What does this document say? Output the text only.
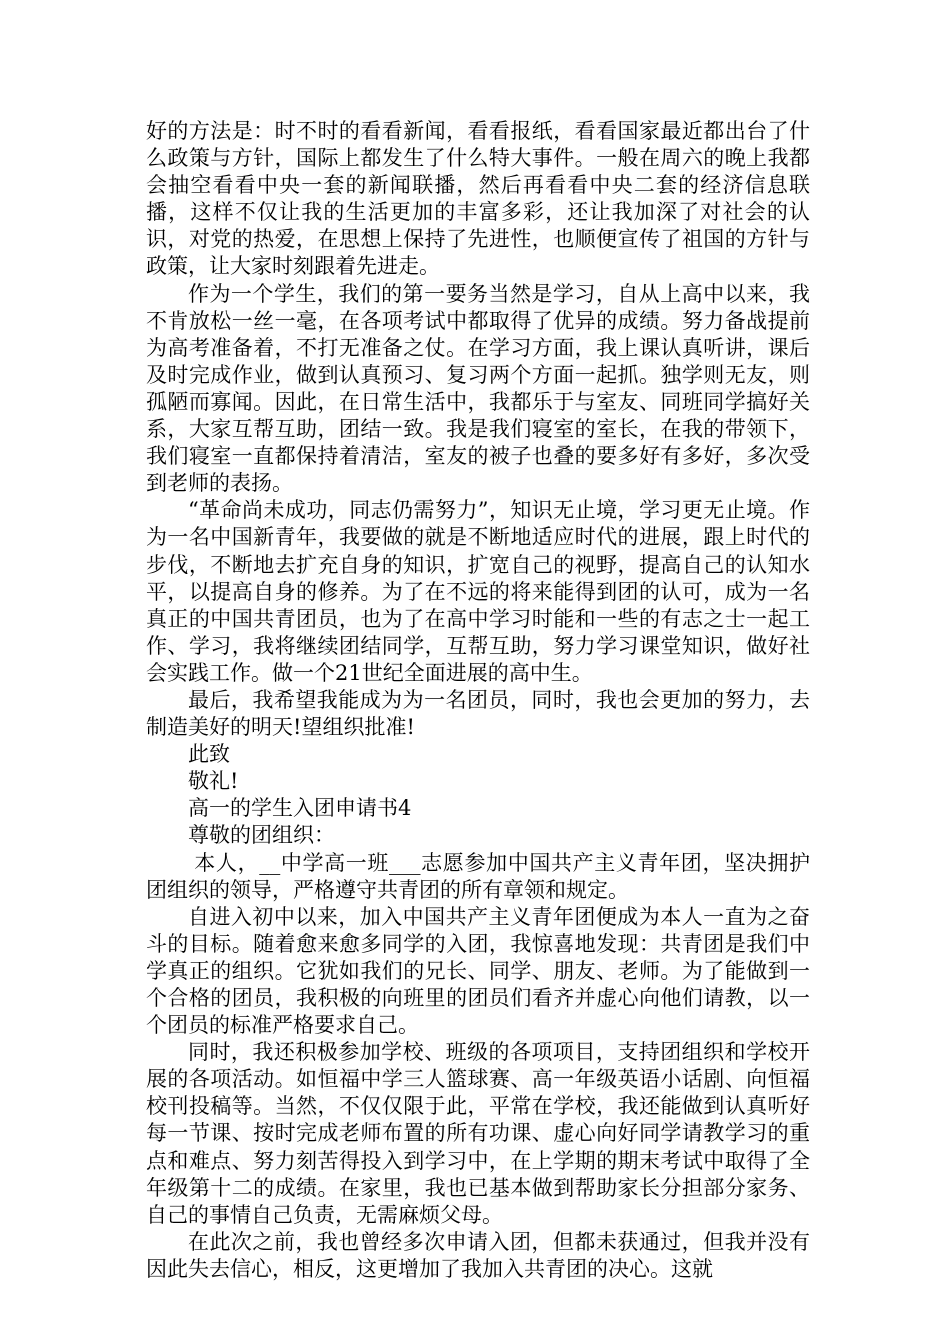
好的方法是：时不时的看看新闻，看看报纸，看看国家最近都出台了什么政策与方针，国际上都发生了什么特大事件。一般在周六的晚上我都会抽空看看中央一套的新闻联播，然后再看看中央二套的经济信息联播，这样不仅让我的生活更加的丰富多彩，还让我加深了对社会的认识，对党的热爱，在思想上保持了先进性，也顺便宣传了祖国的方针与政策，让大家时刻跟着先进走。

作为一个学生，我们的第一要务当然是学习，自从上高中以来，我不肯放松一丝一毫，在各项考试中都取得了优异的成绩。努力备战提前为高考准备着，不打无准备之仗。在学习方面，我上课认真听讲，课后及时完成作业，做到认真预习、复习两个方面一起抓。独学则无友，则孤陋而寡闻。因此，在日常生活中，我都乐于与室友、同班同学搞好关系，大家互帮互助，团结一致。我是我们寝室的室长，在我的带领下，我们寝室一直都保持着清洁，室友的被子也叠的要多好有多好，多次受到老师的表扬。

“革命尚未成功，同志仍需努力”，知识无止境，学习更无止境。作为一名中国新青年，我要做的就是不断地适应时代的进展，跟上时代的步伐，不断地去扩充自身的知识，扩宽自己的视野，提高自己的认知水平，以提高自身的修养。为了在不远的将来能得到团的认可，成为一名真正的中国共青团员，也为了在高中学习时能和一些的有志之士一起工作、学习，我将继续团结同学，互帮互助，努力学习课堂知识，做好社会实践工作。做一个21世纪全面进展的高中生。

最后，我希望我能成为为一名团员，同时，我也会更加的努力，去制造美好的明天!望组织批准!

此致

敬礼!

高一的学生入团申请书4

尊敬的团组织：

本人，__中学高一班___志愿参加中国共产主义青年团，坚决拥护团组织的领导，严格遵守共青团的所有章领和规定。

自进入初中以来，加入中国共产主义青年团便成为本人一直为之奋斗的目标。随着愈来愈多同学的入团，我惊喜地发现：共青团是我们中学真正的组织。它犹如我们的兄长、同学、朋友、老师。为了能做到一个合格的团员，我积极的向班里的团员们看齐并虚心向他们请教，以一个团员的标准严格要求自己。

同时，我还积极参加学校、班级的各项项目，支持团组织和学校开展的各项活动。如恒福中学三人篮球赛、高一年级英语小话剧、向恒福校刊投稿等。当然，不仅仅限于此，平常在学校，我还能做到认真听好每一节课、按时完成老师布置的所有功课、虚心向好同学请教学习的重点和难点、努力刻苦得投入到学习中，在上学期的期末考试中取得了全年级第十二的成绩。在家里，我也已基本做到帮助家长分担部分家务、自己的事情自己负责，无需麻烦父母。

在此次之前，我也曾经多次申请入团，但都未获通过，但我并没有因此失去信心，相反，这更增加了我加入共青团的决心。这就
